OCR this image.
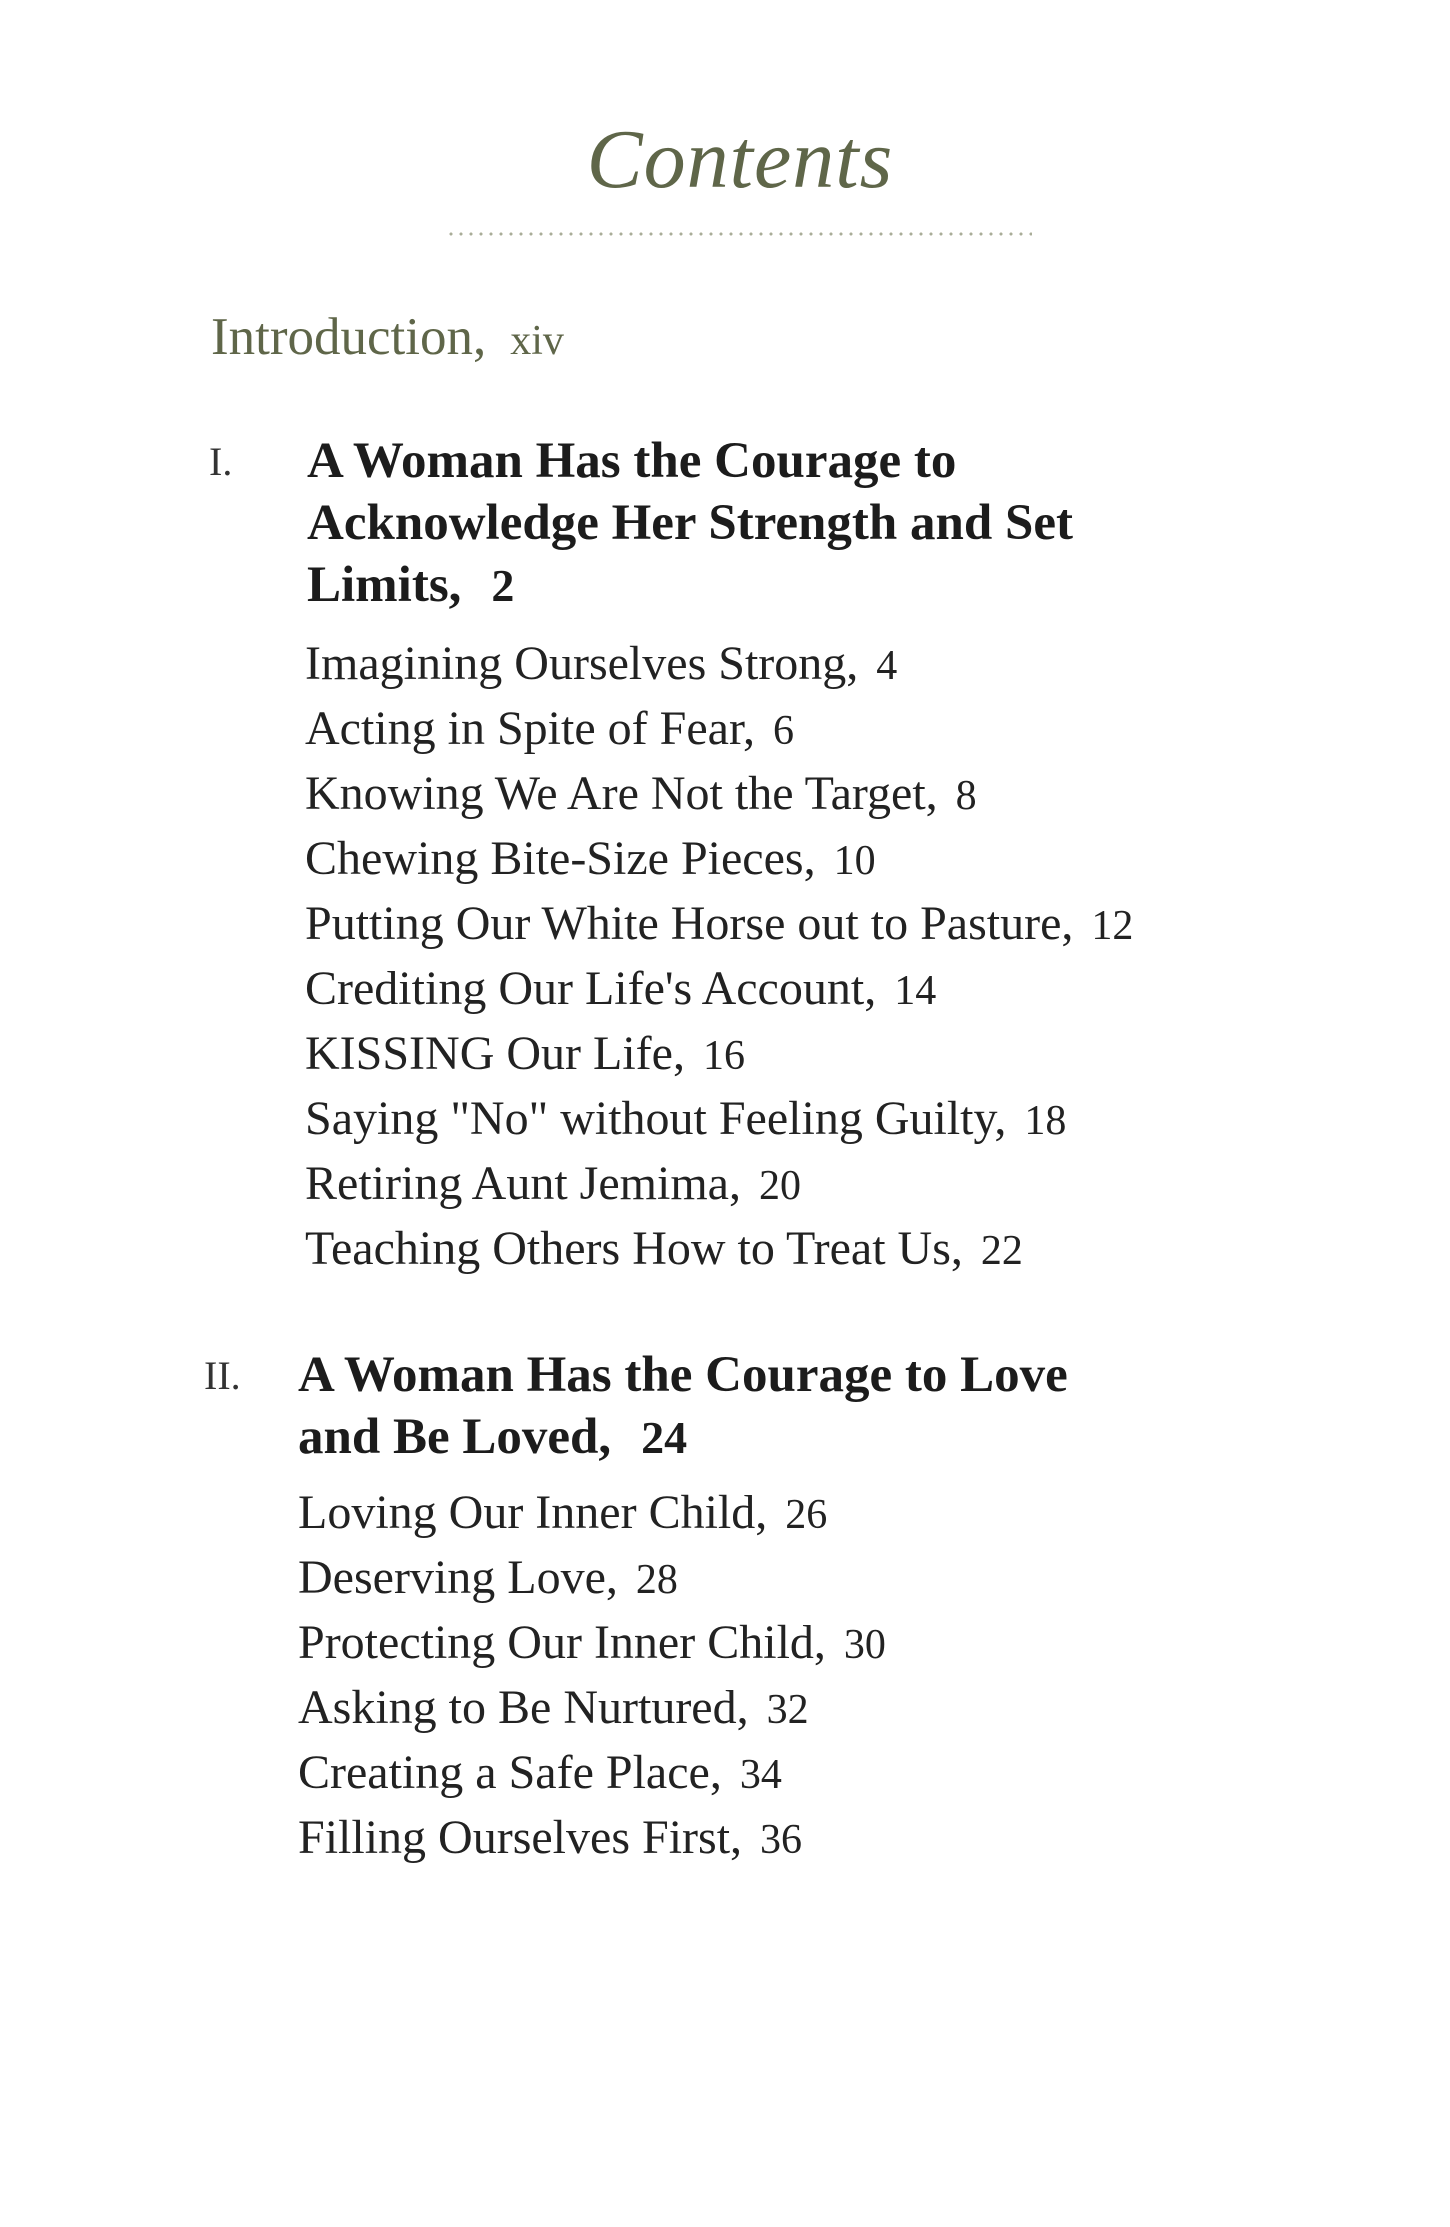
Contents
Introduction, xiv
I. A Woman Has the Courage to
Acknowledge Her Strength and Set
Limits, 2
Imagining Ourselves Strong, 4
Acting in Spite of Fear, 6
Knowing We Are Not the Target, 8
Chewing Bite-Size Pieces, 10
Putting Our White Horse out to Pasture, 12
Crediting Our Life's Account, 14
KISSING Our Life, 16
Saying "No" without Feeling Guilty, 18
Retiring Aunt Jemima, 20
Teaching Others How to Treat Us, 22
II. A Woman Has the Courage to Love
and Be Loved, 24
Loving Our Inner Child, 26
Deserving Love, 28
Protecting Our Inner Child, 30
Asking to Be Nurtured, 32
Creating a Safe Place, 34
Filling Ourselves First, 36
